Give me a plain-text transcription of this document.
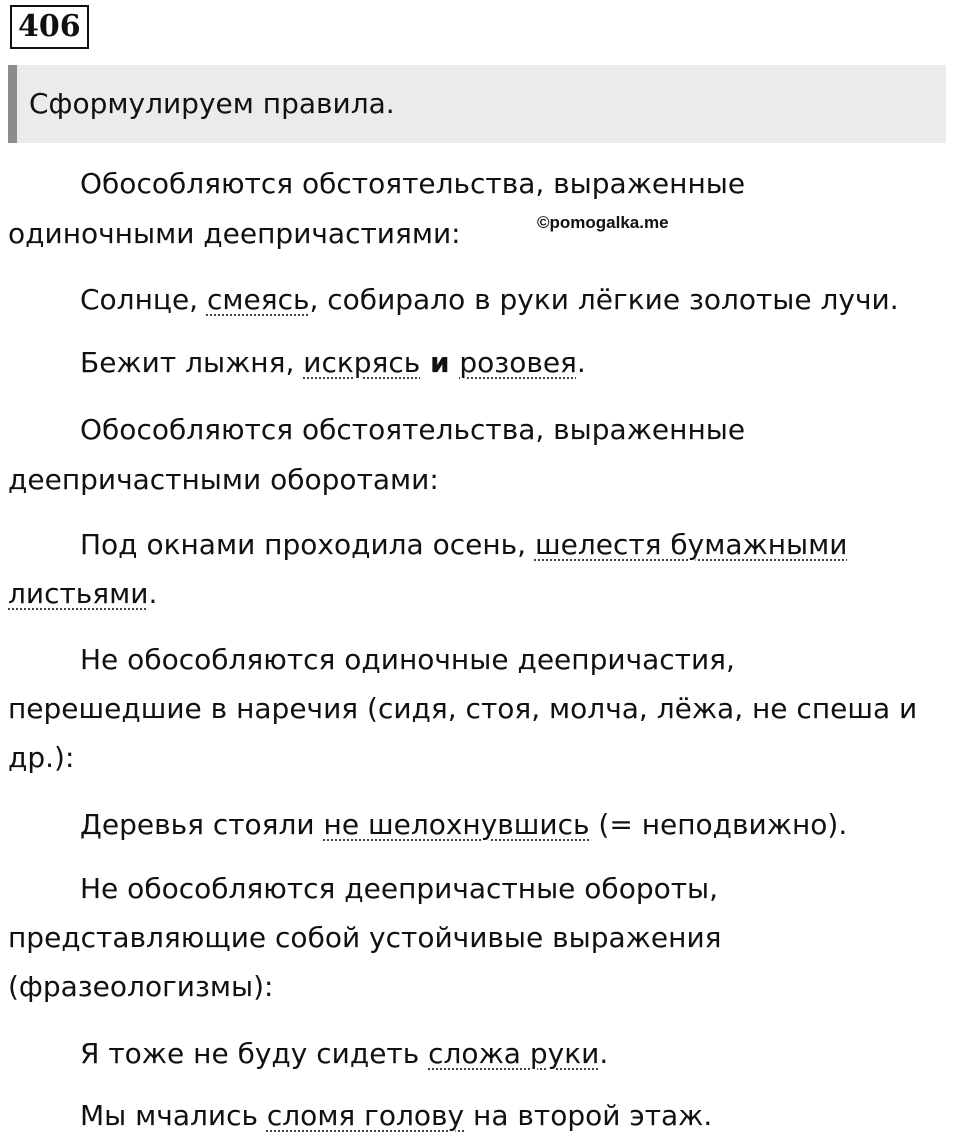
406
Сформулируем правила.
©pomogalka.me
Обособляются обстоятельства, выраженные
одиночными деепричастиями:
Солнце, смеясь, собирало в руки лёгкие золотые лучи.
Бежит лыжня, искрясь и розовея.
Обособляются обстоятельства, выраженные
деепричастными оборотами:
Под окнами проходила осень, шелестя бумажными
листьями.
Не обособляются одиночные деепричастия,
перешедшие в наречия (сидя, стоя, молча, лёжа, не спеша и
др.):
Деревья стояли не шелохнувшись (= неподвижно).
Не обособляются деепричастные обороты,
представляющие собой устойчивые выражения
(фразеологизмы):
Я тоже не буду сидеть сложа руки.
Мы мчались сломя голову на второй этаж.
